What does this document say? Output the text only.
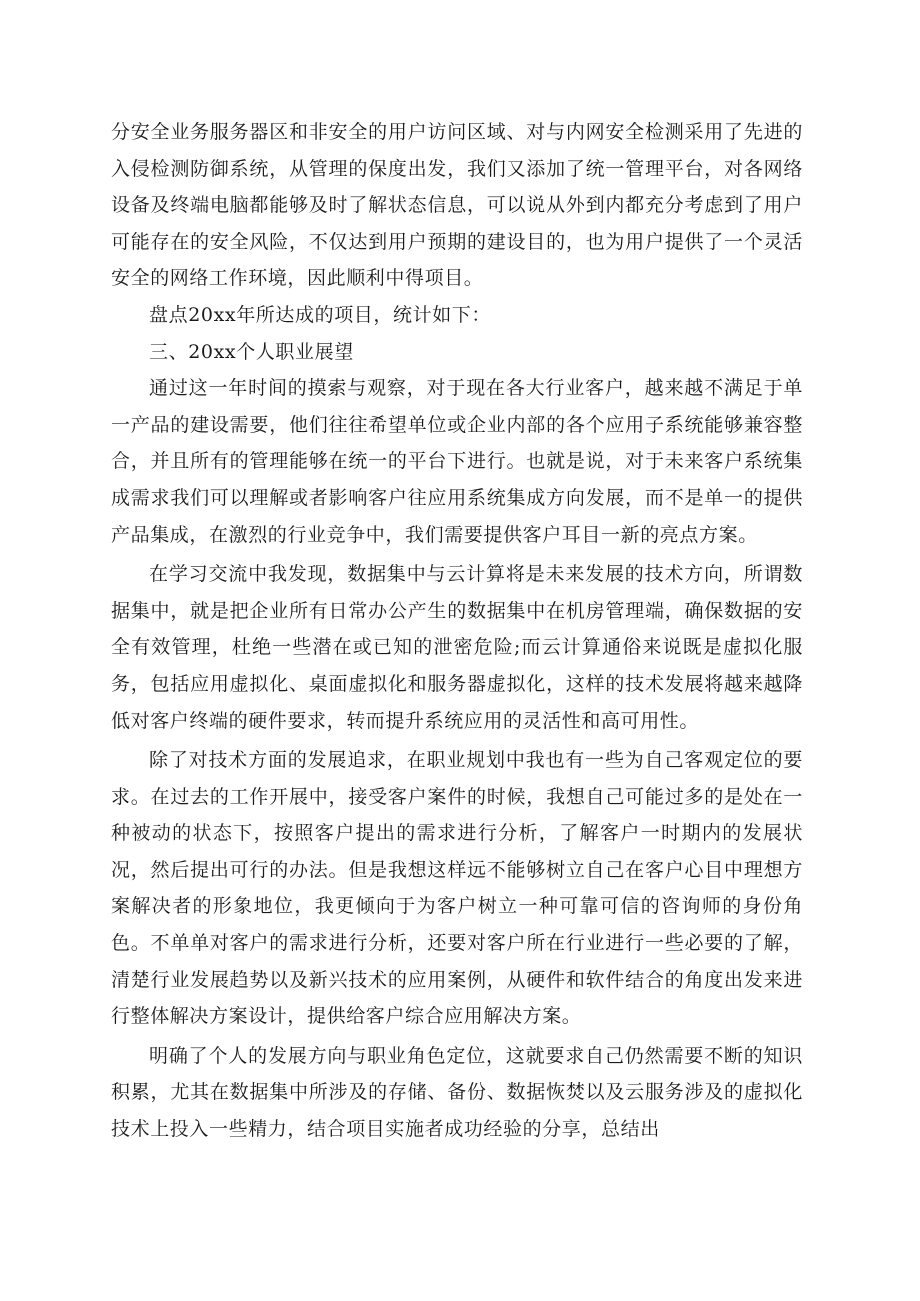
分安全业务服务器区和非安全的用户访问区域、对与内网安全检测采用了先进的入侵检测防御系统，从管理的保度出发，我们又添加了统一管理平台，对各网络设备及终端电脑都能够及时了解状态信息，可以说从外到内都充分考虑到了用户可能存在的安全风险，不仅达到用户预期的建设目的，也为用户提供了一个灵活安全的网络工作环境，因此顺利中得项目。

盘点20xx年所达成的项目，统计如下：

三、20xx个人职业展望

通过这一年时间的摸索与观察，对于现在各大行业客户，越来越不满足于单一产品的建设需要，他们往往希望单位或企业内部的各个应用子系统能够兼容整合，并且所有的管理能够在统一的平台下进行。也就是说，对于未来客户系统集成需求我们可以理解或者影响客户往应用系统集成方向发展，而不是单一的提供产品集成，在激烈的行业竞争中，我们需要提供客户耳目一新的亮点方案。

在学习交流中我发现，数据集中与云计算将是未来发展的技术方向，所谓数据集中，就是把企业所有日常办公产生的数据集中在机房管理端，确保数据的安全有效管理，杜绝一些潜在或已知的泄密危险;而云计算通俗来说既是虚拟化服务，包括应用虚拟化、桌面虚拟化和服务器虚拟化，这样的技术发展将越来越降低对客户终端的硬件要求，转而提升系统应用的灵活性和高可用性。

除了对技术方面的发展追求，在职业规划中我也有一些为自己客观定位的要求。在过去的工作开展中，接受客户案件的时候，我想自己可能过多的是处在一种被动的状态下，按照客户提出的需求进行分析，了解客户一时期内的发展状况，然后提出可行的办法。但是我想这样远不能够树立自己在客户心目中理想方案解决者的形象地位，我更倾向于为客户树立一种可靠可信的咨询师的身份角色。不单单对客户的需求进行分析，还要对客户所在行业进行一些必要的了解，清楚行业发展趋势以及新兴技术的应用案例，从硬件和软件结合的角度出发来进行整体解决方案设计，提供给客户综合应用解决方案。

明确了个人的发展方向与职业角色定位，这就要求自己仍然需要不断的知识积累，尤其在数据集中所涉及的存储、备份、数据恢焚以及云服务涉及的虚拟化技术上投入一些精力，结合项目实施者成功经验的分享，总结出
